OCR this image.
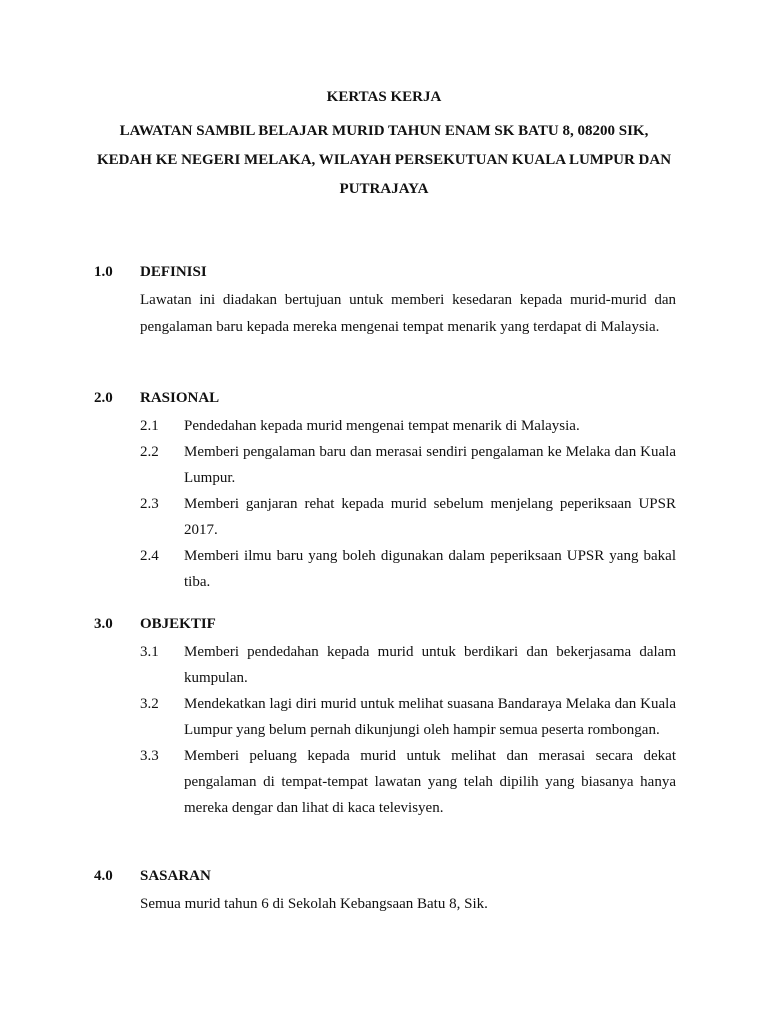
KERTAS KERJA
LAWATAN SAMBIL BELAJAR MURID TAHUN ENAM SK BATU 8, 08200 SIK, KEDAH KE NEGERI MELAKA, WILAYAH PERSEKUTUAN KUALA LUMPUR DAN PUTRAJAYA
1.0	DEFINISI
Lawatan ini diadakan bertujuan untuk memberi kesedaran kepada murid-murid dan pengalaman baru kepada mereka mengenai tempat menarik yang terdapat di Malaysia.
2.0	RASIONAL
2.1	Pendedahan kepada murid mengenai tempat menarik di Malaysia.
2.2	Memberi pengalaman baru dan merasai sendiri pengalaman ke Melaka dan Kuala Lumpur.
2.3	Memberi ganjaran rehat kepada murid sebelum menjelang peperiksaan UPSR 2017.
2.4	Memberi ilmu baru yang boleh digunakan dalam peperiksaan UPSR yang bakal tiba.
3.0	OBJEKTIF
3.1	Memberi pendedahan kepada murid untuk berdikari dan bekerjasama dalam kumpulan.
3.2	Mendekatkan lagi diri murid untuk melihat suasana Bandaraya Melaka dan Kuala Lumpur yang belum pernah dikunjungi oleh hampir semua peserta rombongan.
3.3	Memberi peluang kepada murid untuk melihat dan merasai secara dekat pengalaman di tempat-tempat lawatan yang telah dipilih yang biasanya hanya mereka dengar dan lihat di kaca televisyen.
4.0	SASARAN
Semua murid tahun 6 di Sekolah Kebangsaan Batu 8, Sik.
